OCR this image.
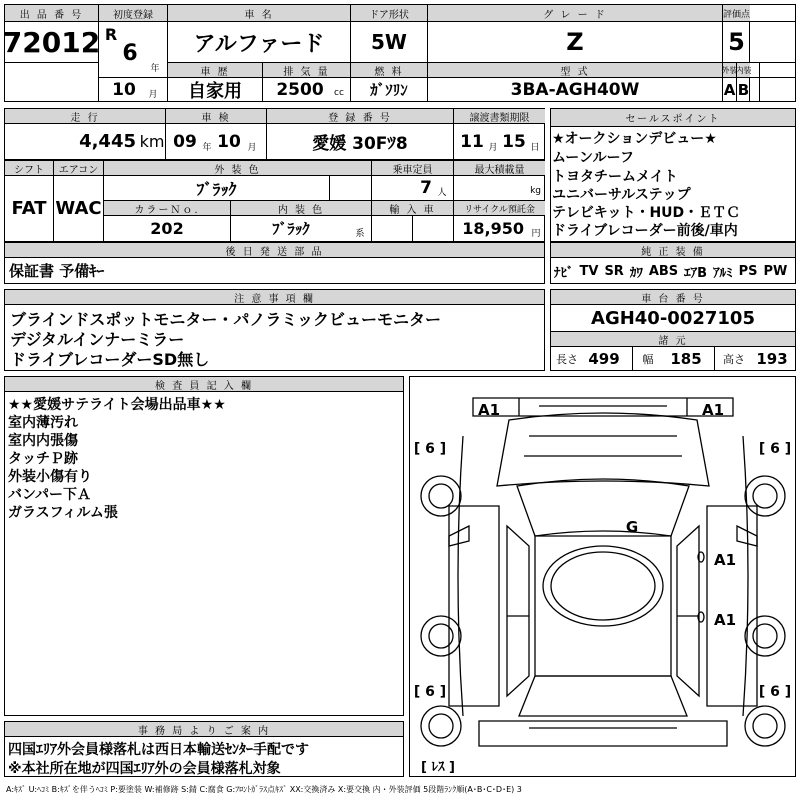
出 品 番 号
72012
初度登録
R
6
年
10	月
車 名
アルファード
車 歴
自家用
排 気 量
2500	cc
ドア形状
5W
燃 料
ｶﾞｿﾘﾝ
グ レ ー ド
Z
型 式
3BA-AGH40W
評価点
5
外装
内装
A B
走 行
4,445 km
車 検
09 年 10 月
登 録 番 号
愛媛 30Fﾂ8
譲渡書類期限
11 月 15 日
シフト
FAT
エアコン
WAC
外 装 色
ﾌﾞﾗｯｸ
乗車定員
7 人
最大積載量
kg
カラーＮｏ.
202
内 装 色
ﾌﾞﾗｯｸ	系
輸 入 車	リサイクル預託金
18,950 円
後 日 発 送 部 品
保証書 予備ｷｰ
セールスポイント
★オークションデビュー★
ムーンルーフ
トヨタチームメイト
ユニバーサルステップ
テレビキット・HUD・ＥＴＣ
ドライブレコーダー前後/車内
純 正 装 備
ﾅﾋﾞ TV SR ｶﾜ ABS ｴｱB ｱﾙﾐ PS PW
注 意 事 項 欄
ブラインドスポットモニター・パノラミックビューモニター
デジタルインナーミラー
ドライブレコーダーSD無し
車 台 番 号
AGH40-0027105
諸 元
長さ 499	幅	185	高さ 193
検 査 員 記 入 欄
★★愛媛サテライト会場出品車★★
室内薄汚れ
室内内張傷
タッチＰ跡
外装小傷有り
バンパー下Ａ
ガラスフィルム張
事 務 局 よ り ご 案 内
四国ｴﾘｱ外会員様落札は西日本輸送ｾﾝﾀｰ手配です
※本社所在地が四国ｴﾘｱ外の会員様落札対象
A1	A1
G
A1
A1
[ 6 ]	[ 6 ]
[ 6 ]	[ 6 ]
[ ﾚｽ ]
A:ｷｽﾞ U:ﾍｺﾐ B:ｷｽﾞを伴うﾍｺﾐ P:要塗装 W:補修跡 S:錆 C:腐食 G:ﾌﾛﾝﾄｶﾞﾗｽ点ｷｽﾞ XX:交換済み X:要交換 内・外装評価 5段階ﾗﾝｸ順(A･B･C･D･E) 3
